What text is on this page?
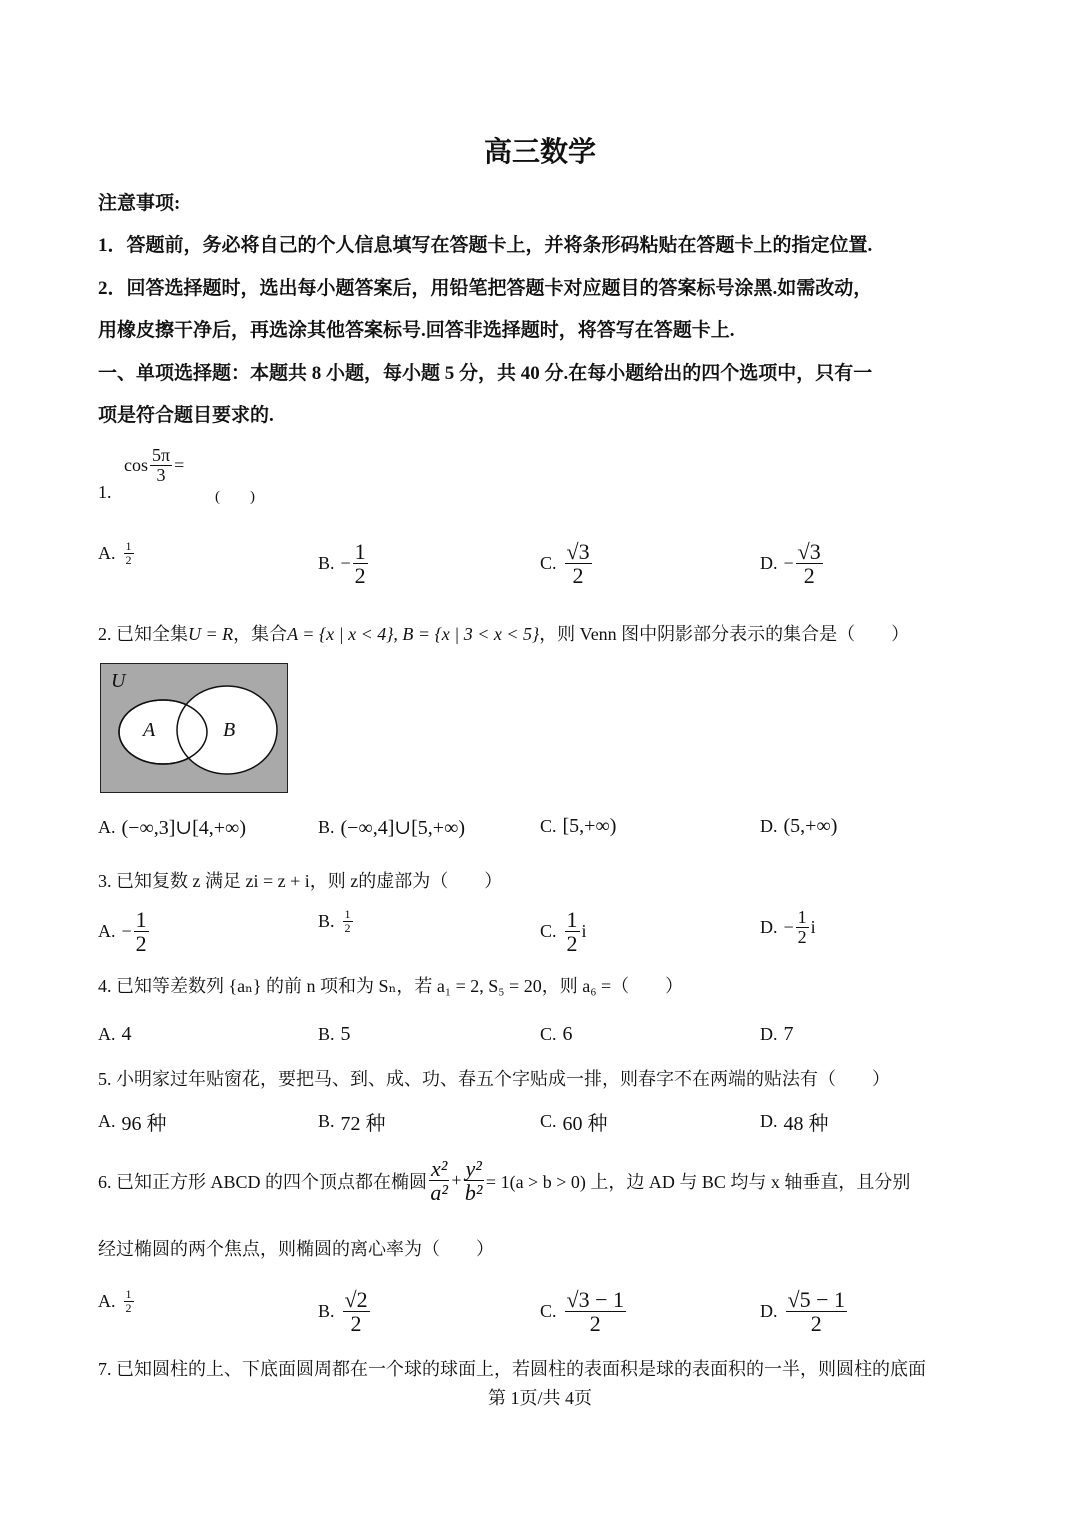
高三数学
注意事项:
1．答题前，务必将自己的个人信息填写在答题卡上，并将条形码粘贴在答题卡上的指定位置.
2．回答选择题时，选出每小题答案后，用铅笔把答题卡对应题目的答案标号涂黑.如需改动，
用橡皮擦干净后，再选涂其他答案标号.回答非选择题时，将答写在答题卡上.
一、单项选择题：本题共 8 小题，每小题 5 分，共 40 分.在每小题给出的四个选项中，只有一
项是符合题目要求的.
1.
$\cos \frac{5\pi}{3}$ =
(　　)
A. $\frac{1}{2}$	B. − $\frac{1}{2}$	C. $\frac{√3}{2}$	D. − $\frac{√3}{2}$
2. 已知全集U = R，集合A = {x | x < 4}, B = {x | 3 < x < 5}，则 Venn 图中阴影部分表示的集合是（　　）
U
A	B
A. (−∞,3]∪[4,+∞)	B. (−∞,4]∪[5,+∞)	C. [5,+∞)	D. (5,+∞)
3. 已知复数 z 满足 zi = z + i，则 z的虚部为（　　）
A. − $\frac{1}{2}$	B. $\frac{1}{2}$	C. $\frac{1}{2}$ i	D. − $\frac{1}{2}$ i
4. 已知等差数列 {aₙ} 的前 n 项和为 Sₙ，若 a₁ = 2, S₅ = 20，则 a₆ =（　　）
A. 4	B. 5	C. 6	D. 7
5. 小明家过年贴窗花，要把马、到、成、功、春五个字贴成一排，则春字不在两端的贴法有（　　）
A. 96 种	B. 72 种	C. 60 种	D. 48 种
6. 已知正方形 ABCD 的四个顶点都在椭圆 $\frac{\text{x²}}{\text{a²}} + \frac{\text{y²}}{\text{b²}} = 1(a > b > 0)$ 上，边 AD 与 BC 均与 x 轴垂直，且分别
经过椭圆的两个焦点，则椭圆的离心率为（　　）
A. $\frac{1}{2}$	B. $\frac{√2}{2}$	C. $\frac{√3 - 1}{2}$	D. $\frac{√5 - 1}{2}$
7. 已知圆柱的上、下底面圆周都在一个球的球面上，若圆柱的表面积是球的表面积的一半，则圆柱的底面
第 1页/共 4页
